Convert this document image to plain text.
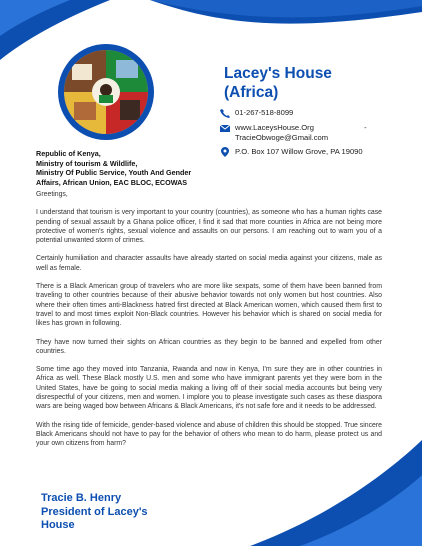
Lacey's House
(Africa)
01-267-518-8099
www.LaceysHouse.Org	-
TracieObwoge@Gmail.com
P.O. Box 107 Willow Grove, PA 19090
Republic of Kenya,
Ministry of tourism & Wildlife,
Ministry Of Public Service, Youth And Gender
Affairs, African Union, EAC BLOC, ECOWAS

Greetings,

I understand that tourism is very important to your country (countries), as someone who has a human rights case pending of sexual assault by a Ghana police officer, I find it sad that more counties in Africa are not being more protective of women's rights, sexual violence and assaults on our persons. I am reaching out to warn you of a potential unwanted storm of crimes.

Certainly humiliation and character assaults have already started on social media against your citizens, male as well as female.

There is a Black American group of travelers who are more like sexpats, some of them have been banned from traveling to other countries because of their abusive behavior towards not only women but host countries. Also where their often times anti-Blackness hatred first directed at Black American women, which caused them first to travel to and most times exploit Non-Black countries. However his behavior which is shared on social media for likes has grown in following.

They have now turned their sights on African countries as they begin to be banned and expelled from other countries.

Some time ago they moved into Tanzania, Rwanda and now in Kenya, I'm sure they are in other countries in Africa as well. These Black mostly U.S. men and some who have immigrant parents yet they were born in the United States, have be going to social media making a living off of their social media accounts but being very disrespectful of your citizens, men and women. I implore you to please investigate such cases as these diaspora wars are being waged bow between Africans & Black Americans, it's not safe fore and it needs to be addressed.

With the rising tide of femicide, gender-based violence and abuse of children this should be stopped. True sincere Black Americans should not have to pay for the behavior of others who mean to do harm, please protect us and your own citizens from harm?

Tracie B. Henry
President of Lacey's
House
